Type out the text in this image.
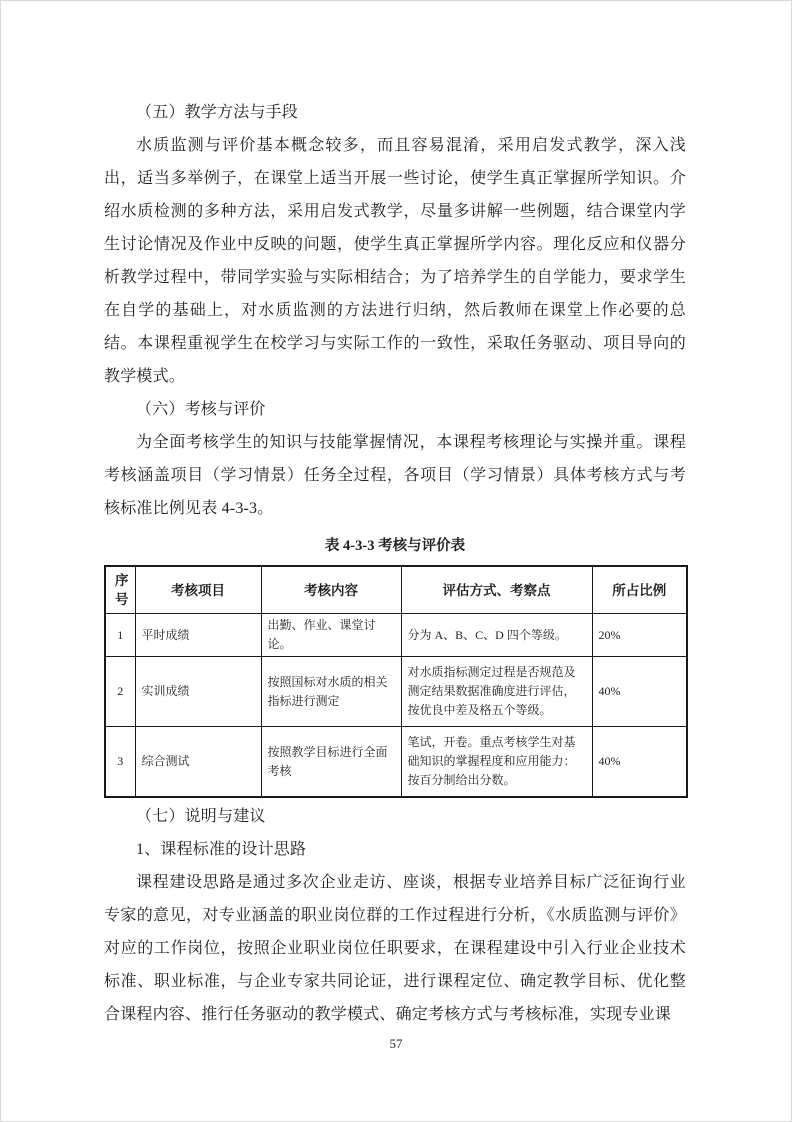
（五）教学方法与手段
水质监测与评价基本概念较多，而且容易混淆，采用启发式教学，深入浅出，适当多举例子，在课堂上适当开展一些讨论，使学生真正掌握所学知识。介绍水质检测的多种方法，采用启发式教学，尽量多讲解一些例题，结合课堂内学生讨论情况及作业中反映的问题，使学生真正掌握所学内容。理化反应和仪器分析教学过程中，带同学实验与实际相结合；为了培养学生的自学能力，要求学生在自学的基础上，对水质监测的方法进行归纳，然后教师在课堂上作必要的总结。本课程重视学生在校学习与实际工作的一致性，采取任务驱动、项目导向的教学模式。
（六）考核与评价
为全面考核学生的知识与技能掌握情况，本课程考核理论与实操并重。课程考核涵盖项目（学习情景）任务全过程，各项目（学习情景）具体考核方式与考核标准比例见表 4-3-3。
表 4-3-3 考核与评价表
序号	考核项目	考核内容	评估方式、考察点	所占比例
1	平时成绩	出勤、作业、课堂讨论。	分为 A、B、C、D 四个等级。	20%
2	实训成绩	按照国标对水质的相关指标进行测定	对水质指标测定过程是否规范及测定结果数据准确度进行评估，按优良中差及格五个等级。	40%
3	综合测试	按照教学目标进行全面考核	笔试，开卷。重点考核学生对基础知识的掌握程度和应用能力：按百分制给出分数。	40%
（七）说明与建议
1、课程标准的设计思路
课程建设思路是通过多次企业走访、座谈，根据专业培养目标广泛征询行业专家的意见，对专业涵盖的职业岗位群的工作过程进行分析，《水质监测与评价》对应的工作岗位，按照企业职业岗位任职要求，在课程建设中引入行业企业技术标准、职业标准，与企业专家共同论证，进行课程定位、确定教学目标、优化整合课程内容、推行任务驱动的教学模式、确定考核方式与考核标准，实现专业课
57
